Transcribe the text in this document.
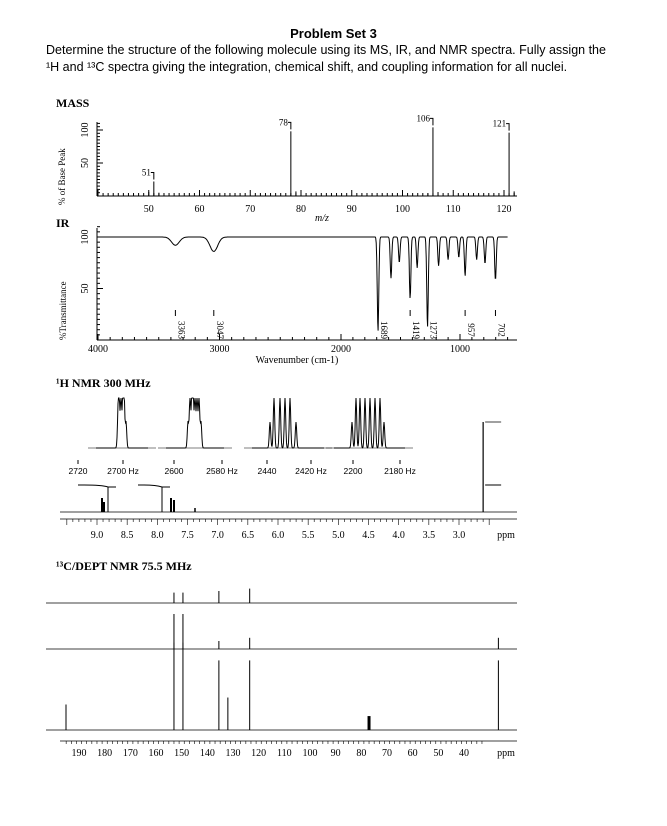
Problem Set 3
Determine the structure of the following molecule using its MS, IR, and NMR spectra. Fully assign the
¹H and ¹³C spectra giving the integration, chemical shift, and coupling information for all nuclei.
MASS
% of Base Peak 50
100
50	60	70	80	90	100	110	120
m/z
51
78	106
121
IR
%Transmittance 50
100
4000	3000	2000	1000
Wavenumber (cm-1)
3363	3047	1689 1419 1273	957 702
¹H NMR 300 MHz
2720 2700 Hz	2600	2580 Hz 2440 2420 Hz 2200	2180 Hz
9.0 8.5 8.0 7.5 7.0 6.5 6.0 5.5 5.0 4.5 4.0 3.5 3.0	ppm
¹³C/DEPT NMR 75.5 MHz
190 180 170 160 150 140 130 120 110 100 90 80 70 60 50 40	ppm
